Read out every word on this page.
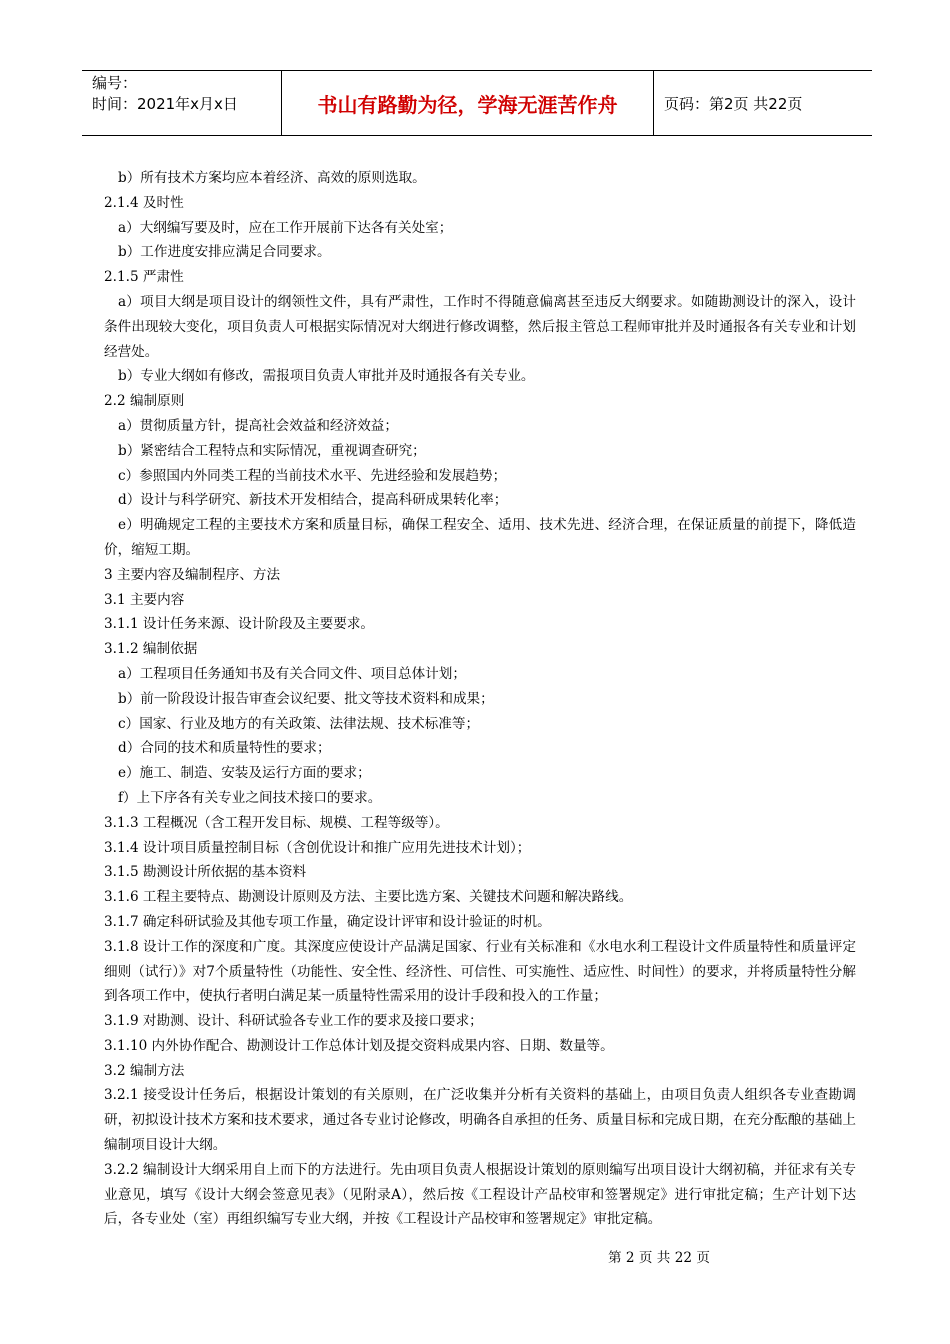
编号：
时间：2021年x月x日	书山有路勤为径，学海无涯苦作舟	页码：第2页 共22页

b）所有技术方案均应本着经济、高效的原则选取。

2.1.4 及时性

a）大纲编写要及时，应在工作开展前下达各有关处室；

b）工作进度安排应满足合同要求。

2.1.5 严肃性

a）项目大纲是项目设计的纲领性文件，具有严肃性，工作时不得随意偏离甚至违反大纲要求。如随勘测设计的深入，设计条件出现较大变化，项目负责人可根据实际情况对大纲进行修改调整，然后报主管总工程师审批并及时通报各有关专业和计划经营处。

b）专业大纲如有修改，需报项目负责人审批并及时通报各有关专业。

2.2 编制原则

a）贯彻质量方针，提高社会效益和经济效益；

b）紧密结合工程特点和实际情况，重视调查研究；

c）参照国内外同类工程的当前技术水平、先进经验和发展趋势；

d）设计与科学研究、新技术开发相结合，提高科研成果转化率；

e）明确规定工程的主要技术方案和质量目标，确保工程安全、适用、技术先进、经济合理，在保证质量的前提下，降低造价，缩短工期。

3 主要内容及编制程序、方法

3.1 主要内容

3.1.1 设计任务来源、设计阶段及主要要求。

3.1.2 编制依据

a）工程项目任务通知书及有关合同文件、项目总体计划；

b）前一阶段设计报告审查会议纪要、批文等技术资料和成果；

c）国家、行业及地方的有关政策、法律法规、技术标准等；

d）合同的技术和质量特性的要求；

e）施工、制造、安装及运行方面的要求；

f）上下序各有关专业之间技术接口的要求。

3.1.3 工程概况（含工程开发目标、规模、工程等级等）。

3.1.4 设计项目质量控制目标（含创优设计和推广应用先进技术计划）；

3.1.5 勘测设计所依据的基本资料

3.1.6 工程主要特点、勘测设计原则及方法、主要比选方案、关键技术问题和解决路线。

3.1.7 确定科研试验及其他专项工作量，确定设计评审和设计验证的时机。

3.1.8 设计工作的深度和广度。其深度应使设计产品满足国家、行业有关标准和《水电水利工程设计文件质量特性和质量评定细则（试行）》对7个质量特性（功能性、安全性、经济性、可信性、可实施性、适应性、时间性）的要求，并将质量特性分解到各项工作中，使执行者明白满足某一质量特性需采用的设计手段和投入的工作量；

3.1.9 对勘测、设计、科研试验各专业工作的要求及接口要求；

3.1.10 内外协作配合、勘测设计工作总体计划及提交资料成果内容、日期、数量等。

3.2 编制方法

3.2.1 接受设计任务后，根据设计策划的有关原则，在广泛收集并分析有关资料的基础上，由项目负责人组织各专业查勘调研，初拟设计技术方案和技术要求，通过各专业讨论修改，明确各自承担的任务、质量目标和完成日期，在充分酝酿的基础上编制项目设计大纲。

3.2.2 编制设计大纲采用自上而下的方法进行。先由项目负责人根据设计策划的原则编写出项目设计大纲初稿，并征求有关专业意见，填写《设计大纲会签意见表》（见附录A），然后按《工程设计产品校审和签署规定》进行审批定稿；生产计划下达后，各专业处（室）再组织编写专业大纲，并按《工程设计产品校审和签署规定》审批定稿。

第 2 页 共 22 页
